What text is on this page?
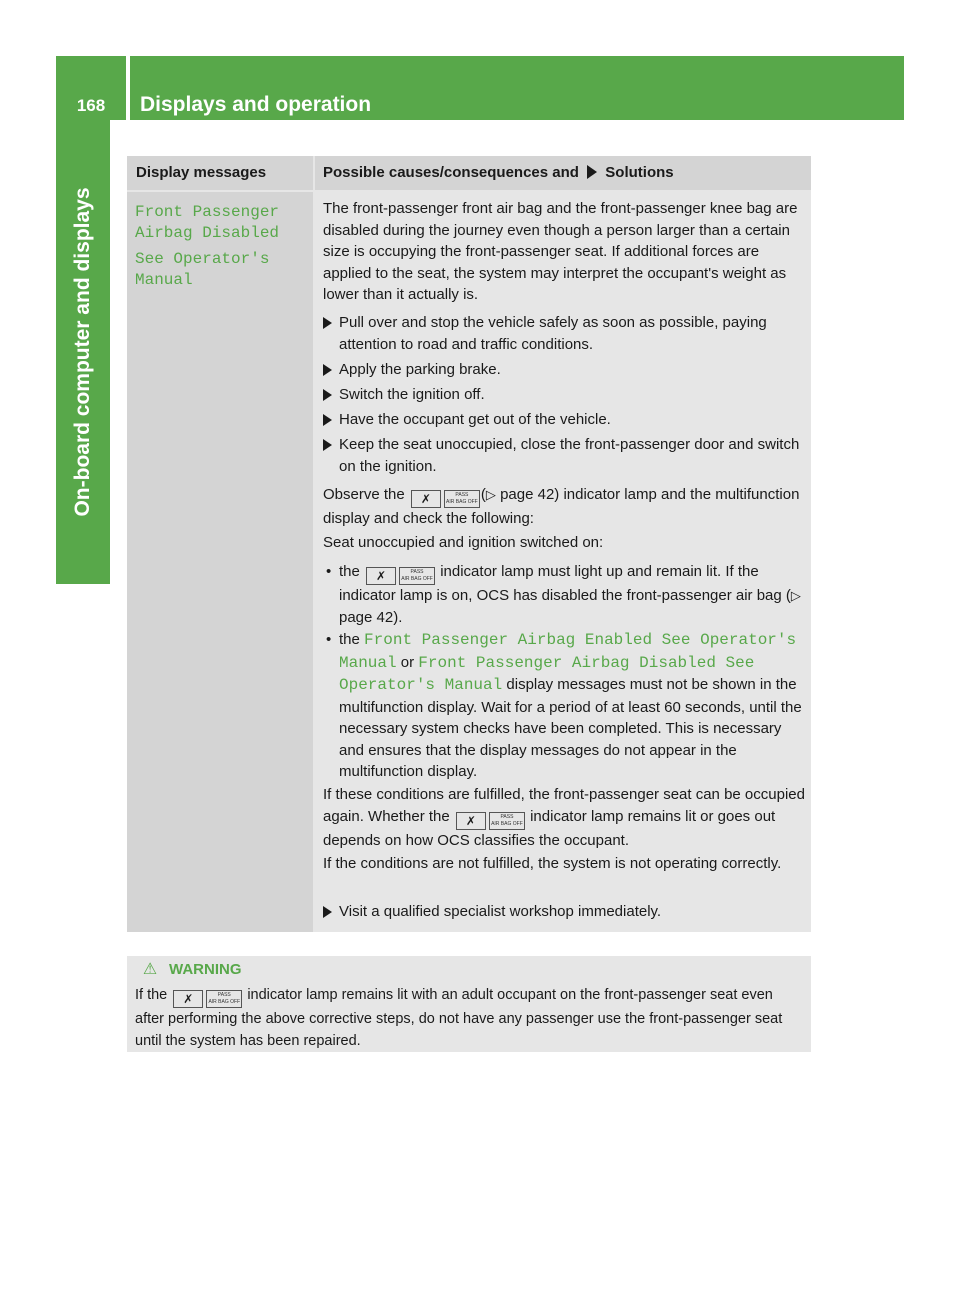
168	Displays and operation
On-board computer and displays
Display messages	Possible causes/consequences and Solutions
Front Passenger
Airbag Disabled
See Operator's
Manual
The front-passenger front air bag and the front-passenger knee bag are disabled during the journey even though a person larger than a certain size is occupying the front-passenger seat. If additional forces are applied to the seat, the system may interpret the occupant's weight as lower than it actually is.
Pull over and stop the vehicle safely as soon as possible, paying attention to road and traffic conditions.
Apply the parking brake.
Switch the ignition off.
Have the occupant get out of the vehicle.
Keep the seat unoccupied, close the front-passenger door and switch on the ignition.
Observe the ✗	PASS
AIR BAG OFF (▷ page 42) indicator lamp and the multifunction display and check the following:
Seat unoccupied and ignition switched on:
• the ✗	PASS
AIR BAG OFF indicator lamp must light up and remain lit. If the indicator lamp is on, OCS has disabled the front-passenger air bag (▷ page 42).
• the Front Passenger Airbag Enabled See Operator's Manual or Front Passenger Airbag Disabled See Operator's Manual display messages must not be shown in the multifunction display. Wait for a period of at least 60 seconds, until the necessary system checks have been completed. This is necessary and ensures that the display messages do not appear in the multifunction display.
If these conditions are fulfilled, the front-passenger seat can be occupied again. Whether the ✗	PASS
AIR BAG OFF indicator lamp remains lit or goes out depends on how OCS classifies the occupant.
If the conditions are not fulfilled, the system is not operating correctly.
Visit a qualified specialist workshop immediately.
⚠ WARNING
If the ✗	PASS
AIR BAG OFF indicator lamp remains lit with an adult occupant on the front-passenger seat even after performing the above corrective steps, do not have any passenger use the front-passenger seat until the system has been repaired.
